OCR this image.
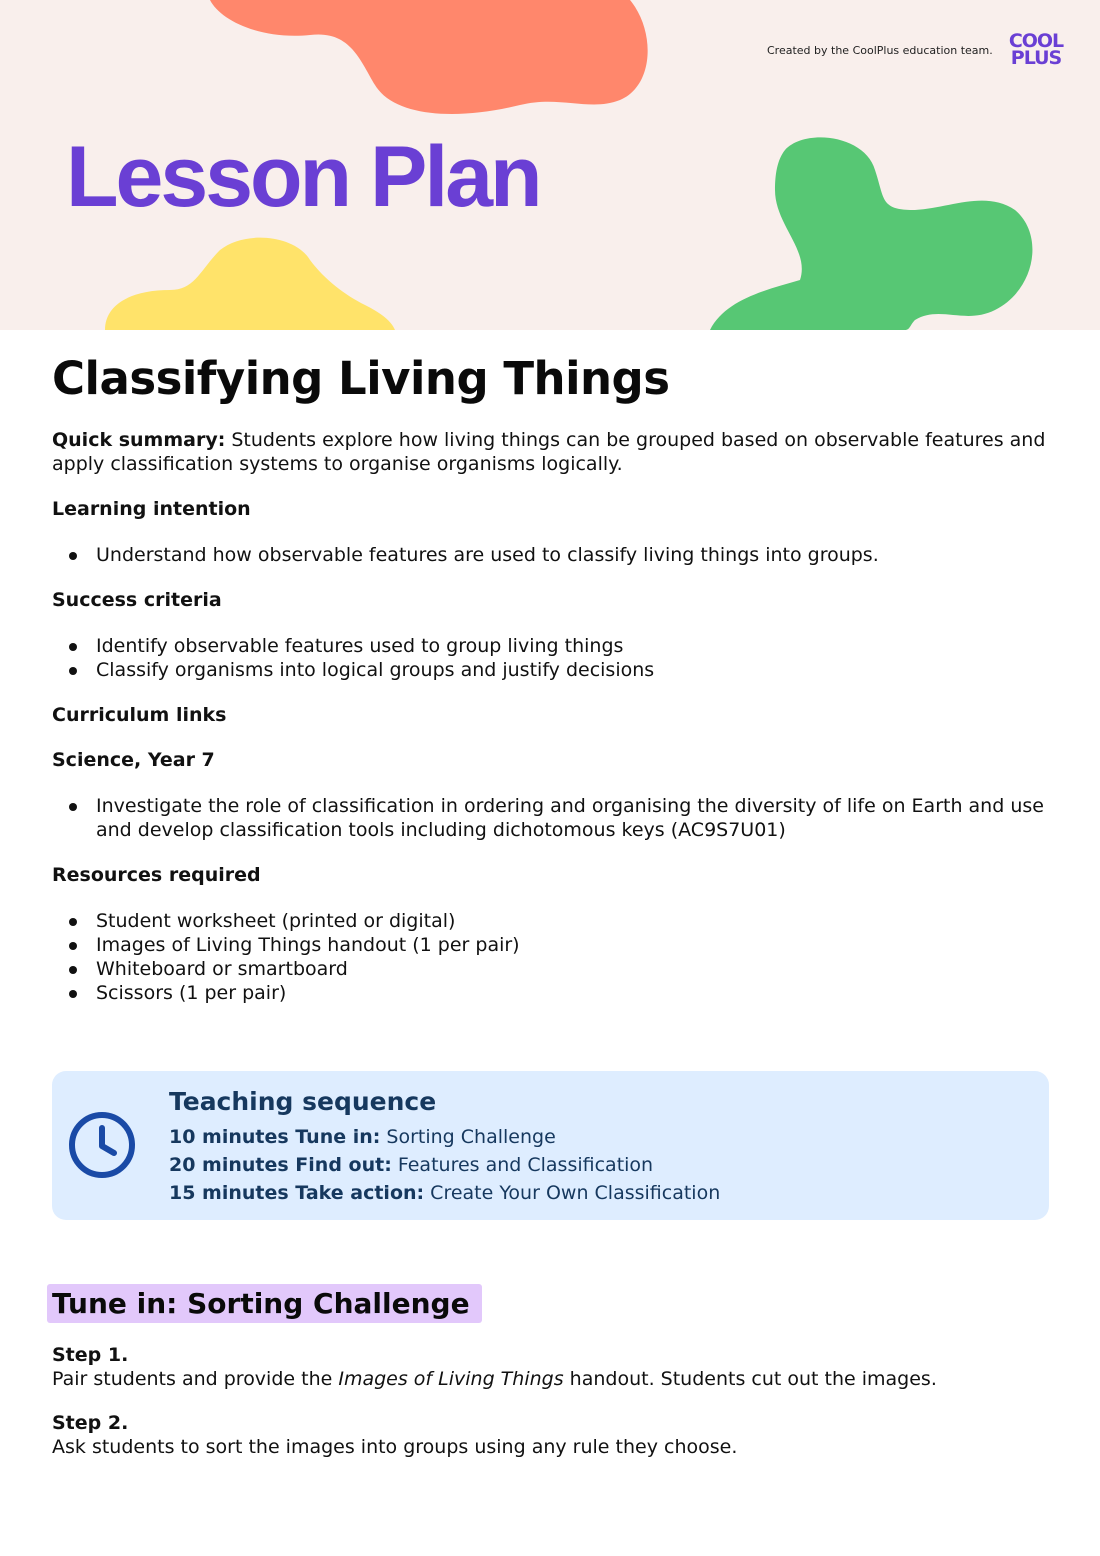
Created by the CoolPlus education team. COOL
PLUS
Lesson Plan
Classifying Living Things

Quick summary: Students explore how living things can be grouped based on observable features and apply classification systems to organise organisms logically.

Learning intention
Understand how observable features are used to classify living things into groups.
Success criteria
Identify observable features used to group living things
Classify organisms into logical groups and justify decisions
Curriculum links
Science, Year 7
Investigate the role of classification in ordering and organising the diversity of life on Earth and use and develop classification tools including dichotomous keys (AC9S7U01)
Resources required
Student worksheet (printed or digital)
Images of Living Things handout (1 per pair)
Whiteboard or smartboard
Scissors (1 per pair)
Teaching sequence
10 minutes Tune in: Sorting Challenge
20 minutes Find out: Features and Classification
15 minutes Take action: Create Your Own Classification
Tune in: Sorting Challenge
Step 1.
Pair students and provide the Images of Living Things handout. Students cut out the images.
Step 2.
Ask students to sort the images into groups using any rule they choose.
